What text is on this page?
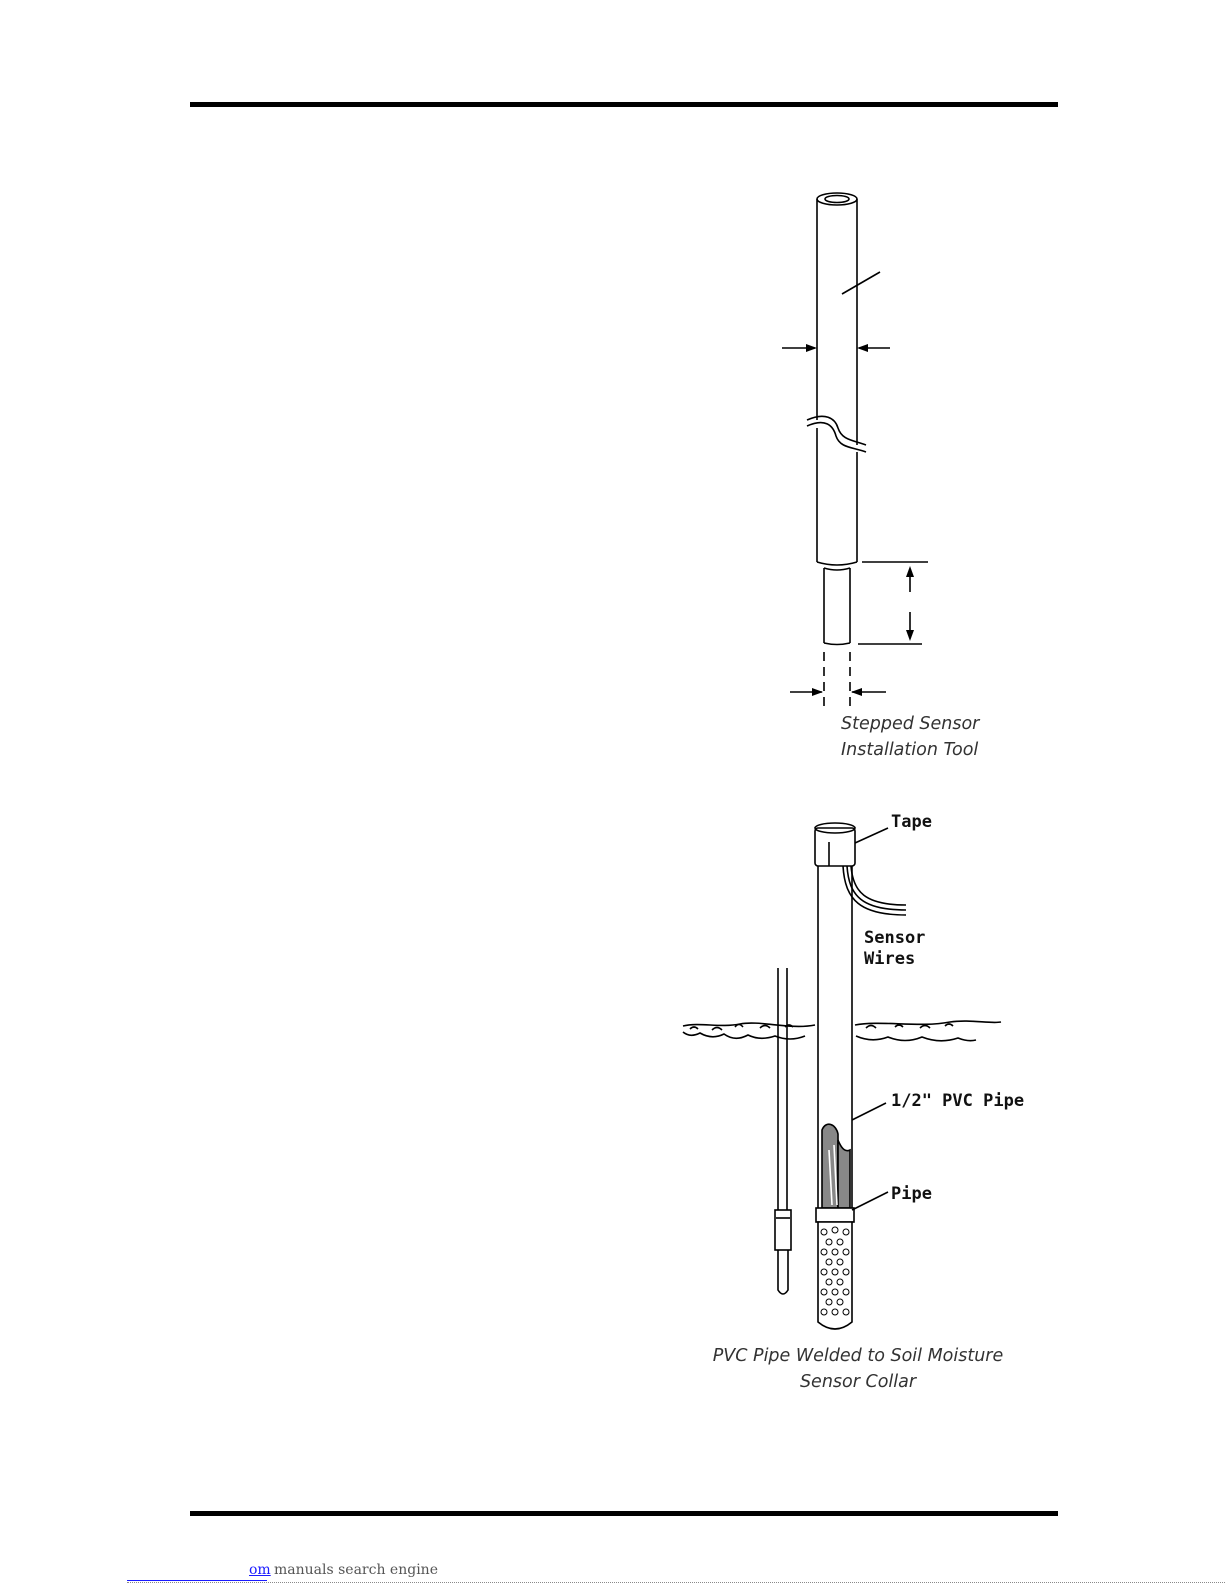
Stepped Sensor
Installation Tool
Tape
Sensor
Wires
1/2" PVC Pipe
Pipe
PVC Pipe Welded to Soil Moisture
Sensor Collar
om manuals search engine
